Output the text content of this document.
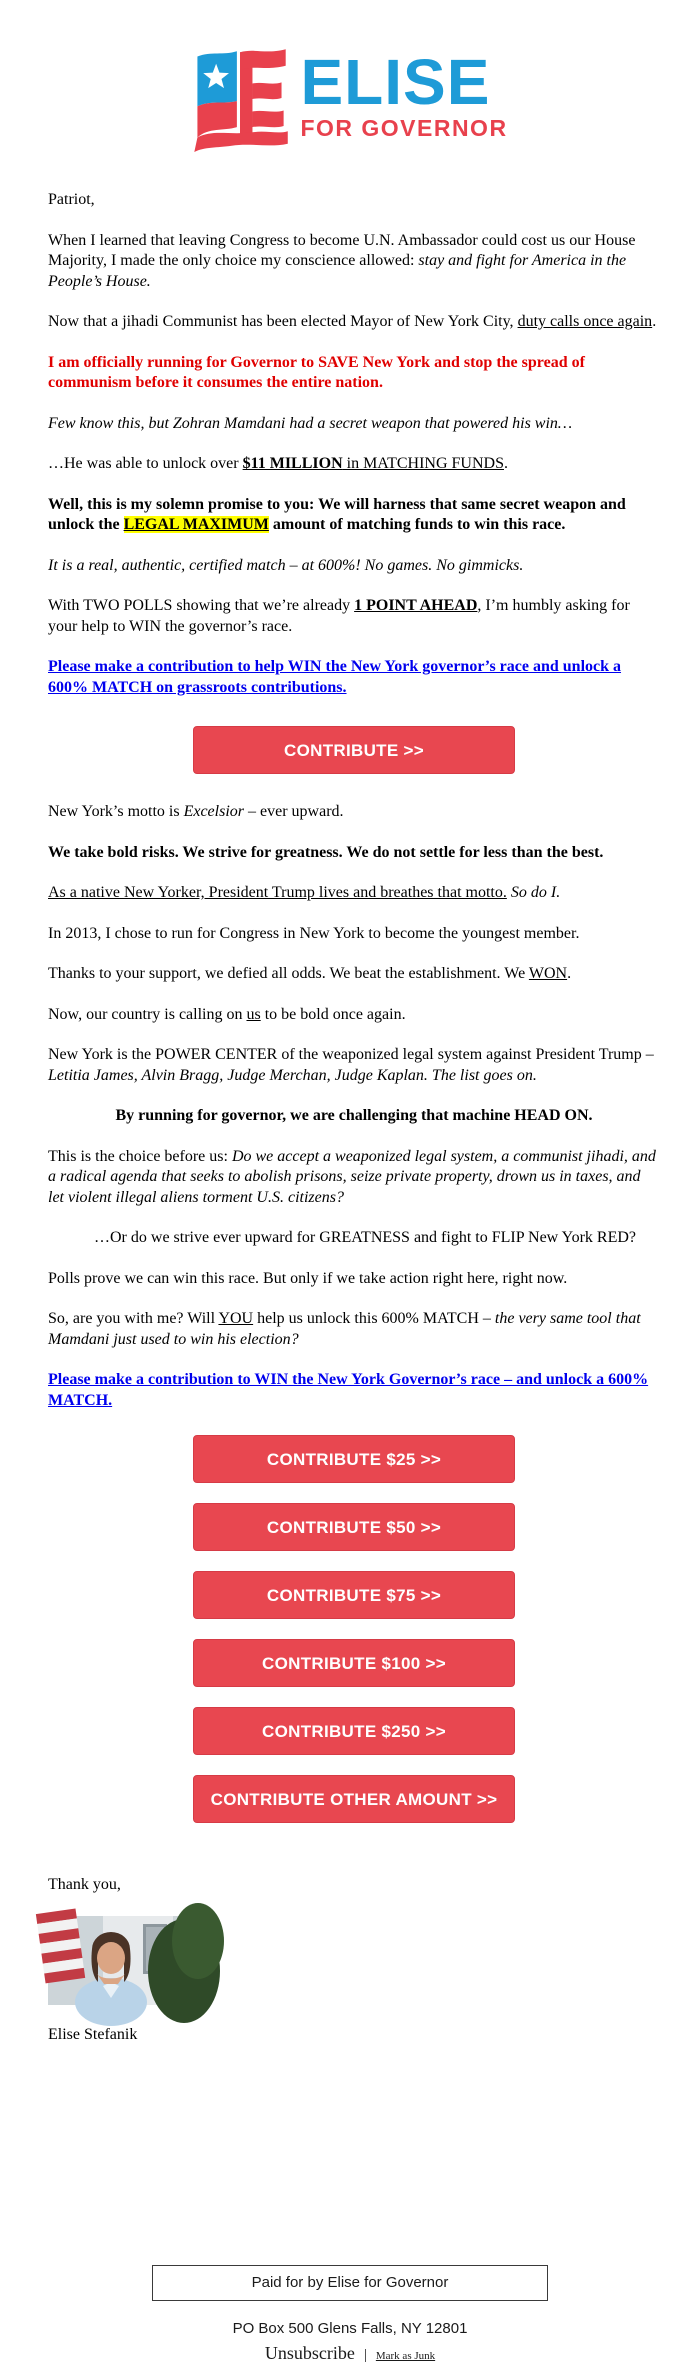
ELISE
FOR GOVERNOR

Patriot,

When I learned that leaving Congress to become U.N. Ambassador could cost us our House Majority, I made the only choice my conscience allowed: stay and fight for America in the People’s House.

Now that a jihadi Communist has been elected Mayor of New York City, duty calls once again.

I am officially running for Governor to SAVE New York and stop the spread of communism before it consumes the entire nation.

Few know this, but Zohran Mamdani had a secret weapon that powered his win…

…He was able to unlock over $11 MILLION in MATCHING FUNDS.

Well, this is my solemn promise to you: We will harness that same secret weapon and unlock the LEGAL MAXIMUM amount of matching funds to win this race.

It is a real, authentic, certified match – at 600%! No games. No gimmicks.

With TWO POLLS showing that we’re already 1 POINT AHEAD, I’m humbly asking for your help to WIN the governor’s race.

Please make a contribution to help WIN the New York governor’s race and unlock a 600% MATCH on grassroots contributions.

CONTRIBUTE >>

New York’s motto is Excelsior – ever upward.

We take bold risks. We strive for greatness. We do not settle for less than the best.

As a native New Yorker, President Trump lives and breathes that motto. So do I.

In 2013, I chose to run for Congress in New York to become the youngest member.

Thanks to your support, we defied all odds. We beat the establishment. We WON.

Now, our country is calling on us to be bold once again.

New York is the POWER CENTER of the weaponized legal system against President Trump – Letitia James, Alvin Bragg, Judge Merchan, Judge Kaplan. The list goes on.

By running for governor, we are challenging that machine HEAD ON.

This is the choice before us: Do we accept a weaponized legal system, a communist jihadi, and a radical agenda that seeks to abolish prisons, seize private property, drown us in taxes, and let violent illegal aliens torment U.S. citizens?

…Or do we strive ever upward for GREATNESS and fight to FLIP New York RED?

Polls prove we can win this race. But only if we take action right here, right now.

So, are you with me? Will YOU help us unlock this 600% MATCH – the very same tool that Mamdani just used to win his election?

Please make a contribution to WIN the New York Governor’s race – and unlock a 600% MATCH.

CONTRIBUTE $25 >>
CONTRIBUTE $50 >>
CONTRIBUTE $75 >>
CONTRIBUTE $100 >>
CONTRIBUTE $250 >>
CONTRIBUTE OTHER AMOUNT >>

Thank you,

Elise Stefanik

Paid for by Elise for Governor
PO Box 500 Glens Falls, NY 12801
Unsubscribe | Mark as Junk
